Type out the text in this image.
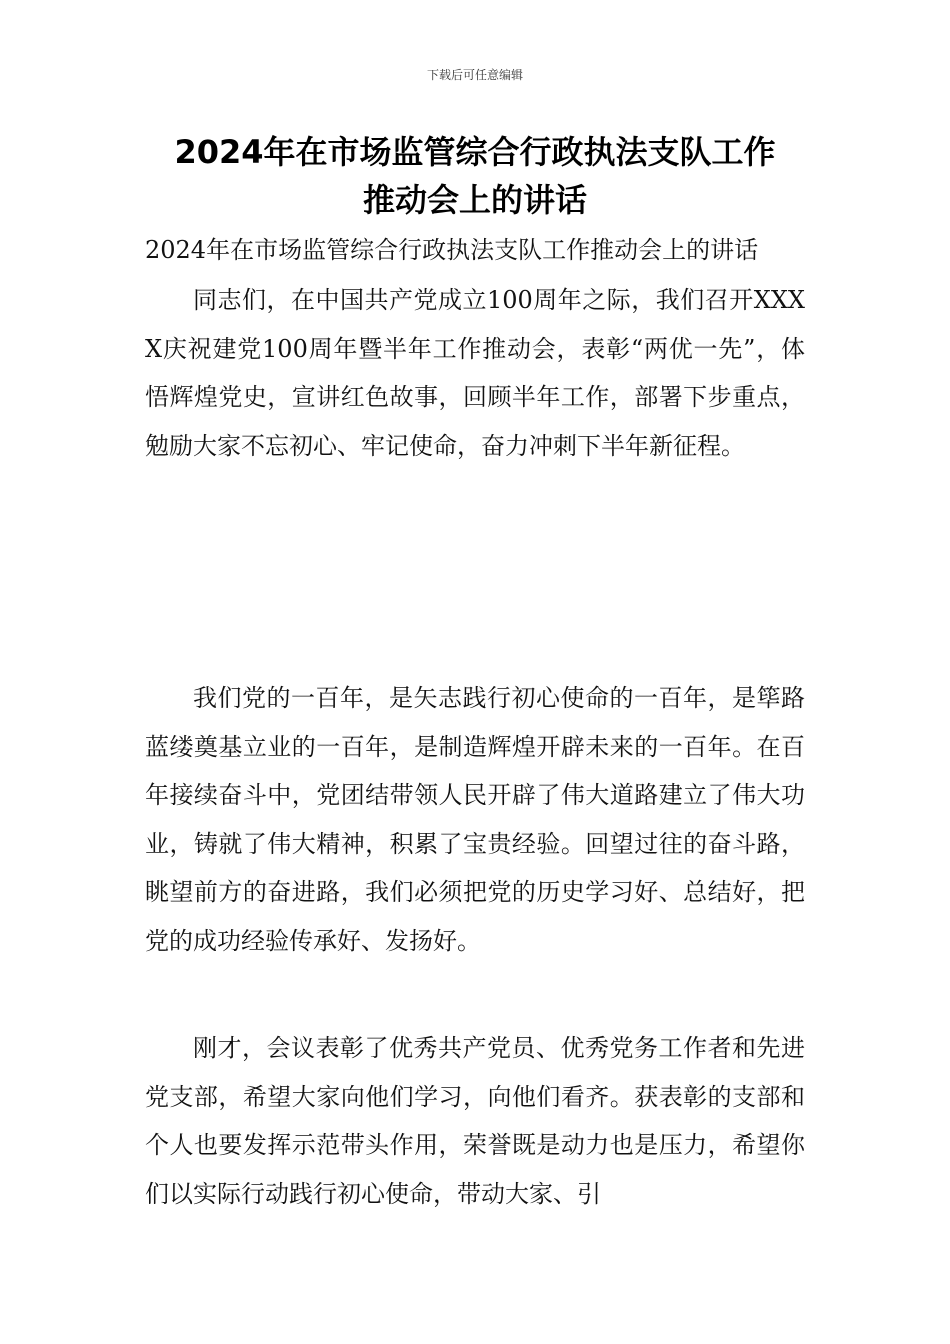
下载后可任意编辑
2024年在市场监管综合行政执法支队工作
推动会上的讲话
2024年在市场监管综合行政执法支队工作推动会上的讲话

同志们，在中国共产党成立100周年之际，我们召开XXXX庆祝建党100周年暨半年工作推动会，表彰“两优一先”，体悟辉煌党史，宣讲红色故事，回顾半年工作，部署下步重点，勉励大家不忘初心、牢记使命，奋力冲刺下半年新征程。

我们党的一百年，是矢志践行初心使命的一百年，是筚路蓝缕奠基立业的一百年，是制造辉煌开辟未来的一百年。在百年接续奋斗中，党团结带领人民开辟了伟大道路建立了伟大功业，铸就了伟大精神，积累了宝贵经验。回望过往的奋斗路，眺望前方的奋进路，我们必须把党的历史学习好、总结好，把党的成功经验传承好、发扬好。

刚才，会议表彰了优秀共产党员、优秀党务工作者和先进党支部，希望大家向他们学习，向他们看齐。获表彰的支部和个人也要发挥示范带头作用，荣誉既是动力也是压力，希望你们以实际行动践行初心使命，带动大家、引
